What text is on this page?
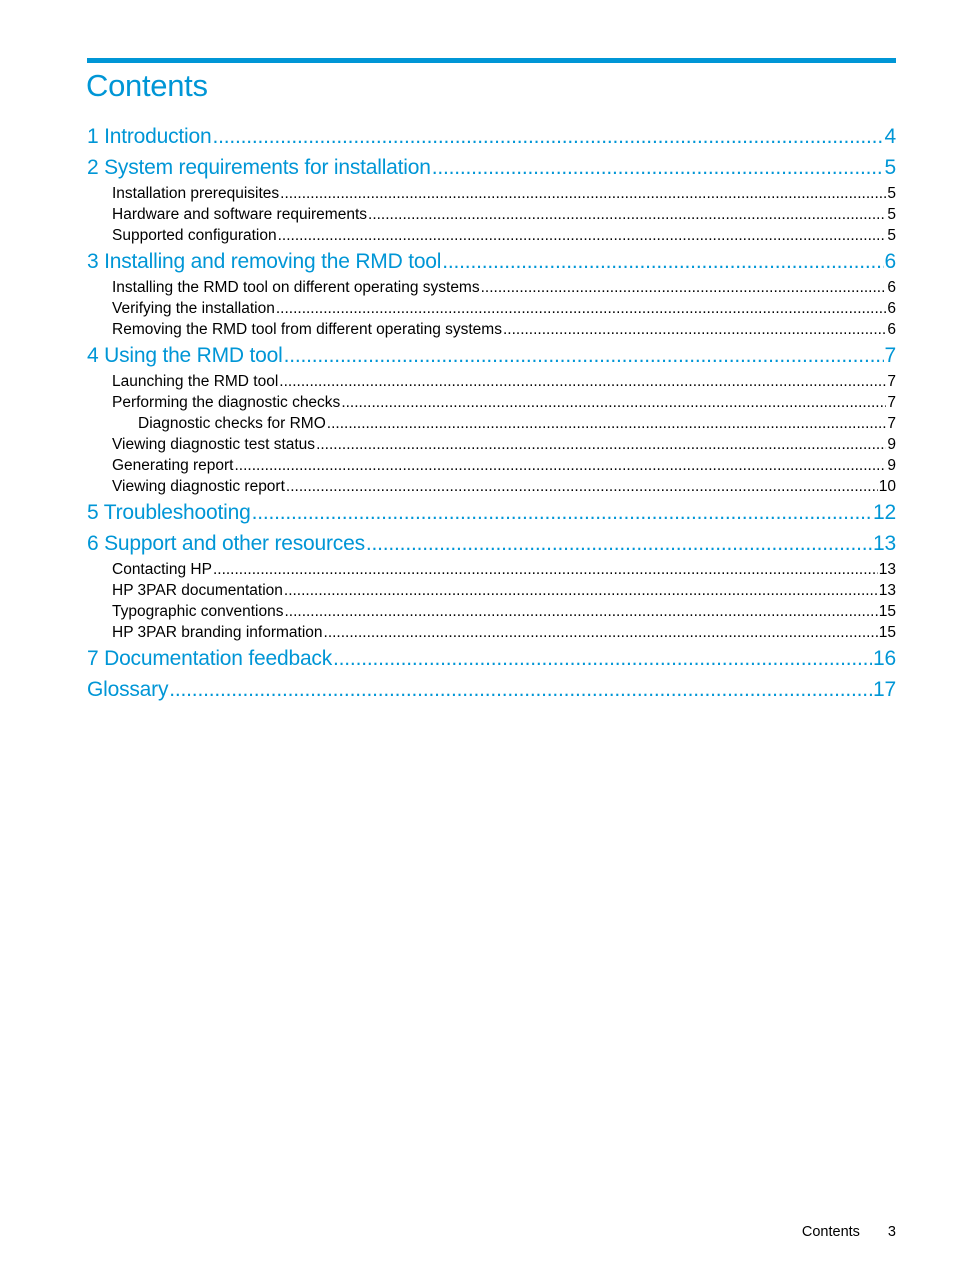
Contents
1 Introduction .....	4
2 System requirements for installation .....	5
Installation prerequisites .....	5
Hardware and software requirements .....	5
Supported configuration .....	5
3 Installing and removing the RMD tool .....	6
Installing the RMD tool on different operating systems .....	6
Verifying the installation .....	6
Removing the RMD tool from different operating systems .....	6
4 Using the RMD tool .....	7
Launching the RMD tool .....	7
Performing the diagnostic checks .....	7
Diagnostic checks for RMO .....	7
Viewing diagnostic test status .....	9
Generating report .....	9
Viewing diagnostic report .....	10
5 Troubleshooting .....	12
6 Support and other resources .....	13
Contacting HP .....	13
HP 3PAR documentation .....	13
Typographic conventions .....	15
HP 3PAR branding information .....	15
7 Documentation feedback .....	16
Glossary .....	17
Contents 3
